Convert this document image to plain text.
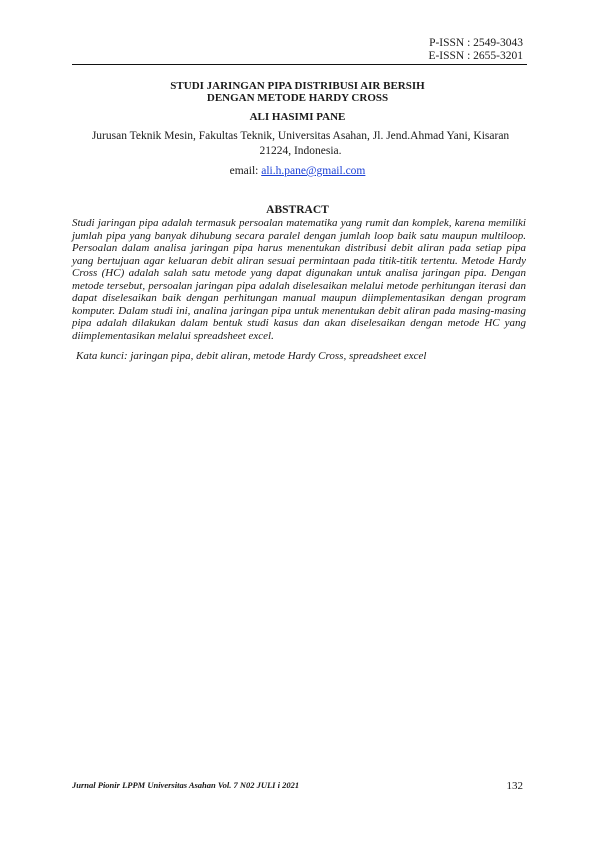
P-ISSN : 2549-3043
E-ISSN : 2655-3201
STUDI JARINGAN PIPA DISTRIBUSI AIR BERSIH
DENGAN METODE HARDY CROSS
ALI HASIMI PANE
Jurusan Teknik Mesin, Fakultas Teknik, Universitas Asahan, Jl. Jend.Ahmad Yani, Kisaran 21224, Indonesia.
email: ali.h.pane@gmail.com
ABSTRACT
Studi jaringan pipa adalah termasuk persoalan matematika yang rumit dan komplek, karena memiliki jumlah pipa yang banyak dihubung secara paralel dengan jumlah loop baik satu maupun multiloop. Persoalan dalam analisa jaringan pipa harus menentukan distribusi debit aliran pada setiap pipa yang bertujuan agar keluaran debit aliran sesuai permintaan pada titik-titik tertentu. Metode Hardy Cross (HC) adalah salah satu metode yang dapat digunakan untuk analisa jaringan pipa. Dengan metode tersebut, persoalan jaringan pipa adalah diselesaikan melalui metode perhitungan iterasi dan dapat diselesaikan baik dengan perhitungan manual maupun diimplementasikan dengan program komputer. Dalam studi ini, analina jaringan pipa untuk menentukan debit aliran pada masing-masing pipa adalah dilakukan dalam bentuk studi kasus dan akan diselesaikan dengan metode HC yang diimplementasikan melalui spreadsheet excel.
Kata kunci: jaringan pipa, debit aliran, metode Hardy Cross, spreadsheet excel
Jurnal Pionir LPPM Universitas Asahan Vol. 7 N02 JULI i 2021	132
